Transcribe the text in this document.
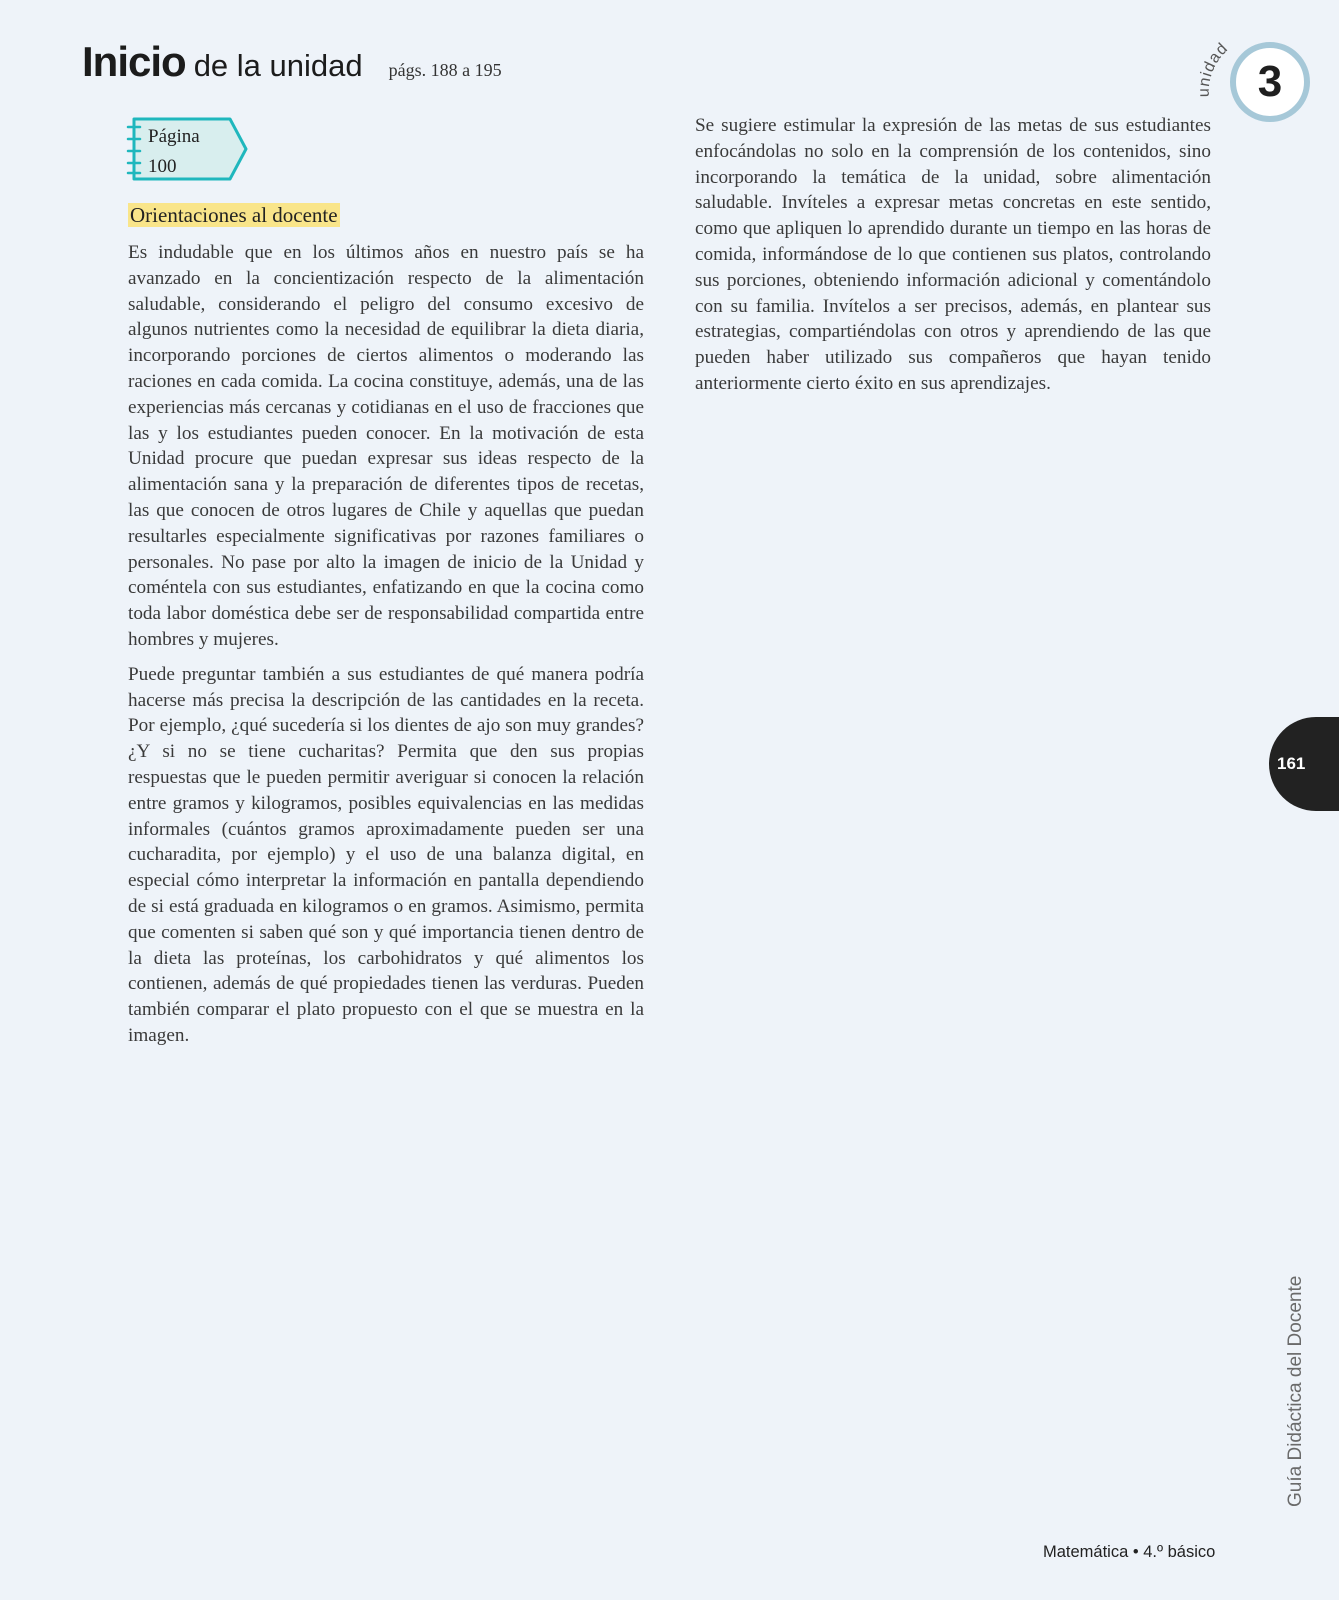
Inicio de la unidad págs. 188 a 195
unidad
3
Página
100
Orientaciones al docente

Es indudable que en los últimos años en nuestro país se ha avanzado en la concientización respecto de la alimentación saludable, considerando el peligro del consumo excesivo de algunos nutrientes como la necesidad de equilibrar la dieta diaria, incorporando porciones de ciertos alimentos o moderando las raciones en cada comida. La cocina constituye, además, una de las experiencias más cercanas y cotidianas en el uso de fracciones que las y los estudiantes pueden conocer. En la motivación de esta Unidad procure que puedan expresar sus ideas respecto de la alimentación sana y la preparación de diferentes tipos de recetas, las que conocen de otros lugares de Chile y aquellas que puedan resultarles especialmente significativas por razones familiares o personales. No pase por alto la imagen de inicio de la Unidad y coméntela con sus estudiantes, enfatizando en que la cocina como toda labor doméstica debe ser de responsabilidad compartida entre hombres y mujeres.

Puede preguntar también a sus estudiantes de qué manera podría hacerse más precisa la descripción de las cantidades en la receta. Por ejemplo, ¿qué sucedería si los dientes de ajo son muy grandes? ¿Y si no se tiene cucharitas? Permita que den sus propias respuestas que le pueden permitir averiguar si conocen la relación entre gramos y kilogramos, posibles equivalencias en las medidas informales (cuántos gramos aproximadamente pueden ser una cucharadita, por ejemplo) y el uso de una balanza digital, en especial cómo interpretar la información en pantalla dependiendo de si está graduada en kilogramos o en gramos. Asimismo, permita que comenten si saben qué son y qué importancia tienen dentro de la dieta las proteínas, los carbohidratos y qué alimentos los contienen, además de qué propiedades tienen las verduras. Pueden también comparar el plato propuesto con el que se muestra en la imagen.

Se sugiere estimular la expresión de las metas de sus estudiantes enfocándolas no solo en la comprensión de los contenidos, sino incorporando la temática de la unidad, sobre alimentación saludable. Invíteles a expresar metas concretas en este sentido, como que apliquen lo aprendido durante un tiempo en las horas de comida, informándose de lo que contienen sus platos, controlando sus porciones, obteniendo información adicional y comentándolo con su familia. Invítelos a ser precisos, además, en plantear sus estrategias, compartiéndolas con otros y aprendiendo de las que pueden haber utilizado sus compañeros que hayan tenido anteriormente cierto éxito en sus aprendizajes.

161
Guía Didáctica del Docente
Matemática • 4.º básico
